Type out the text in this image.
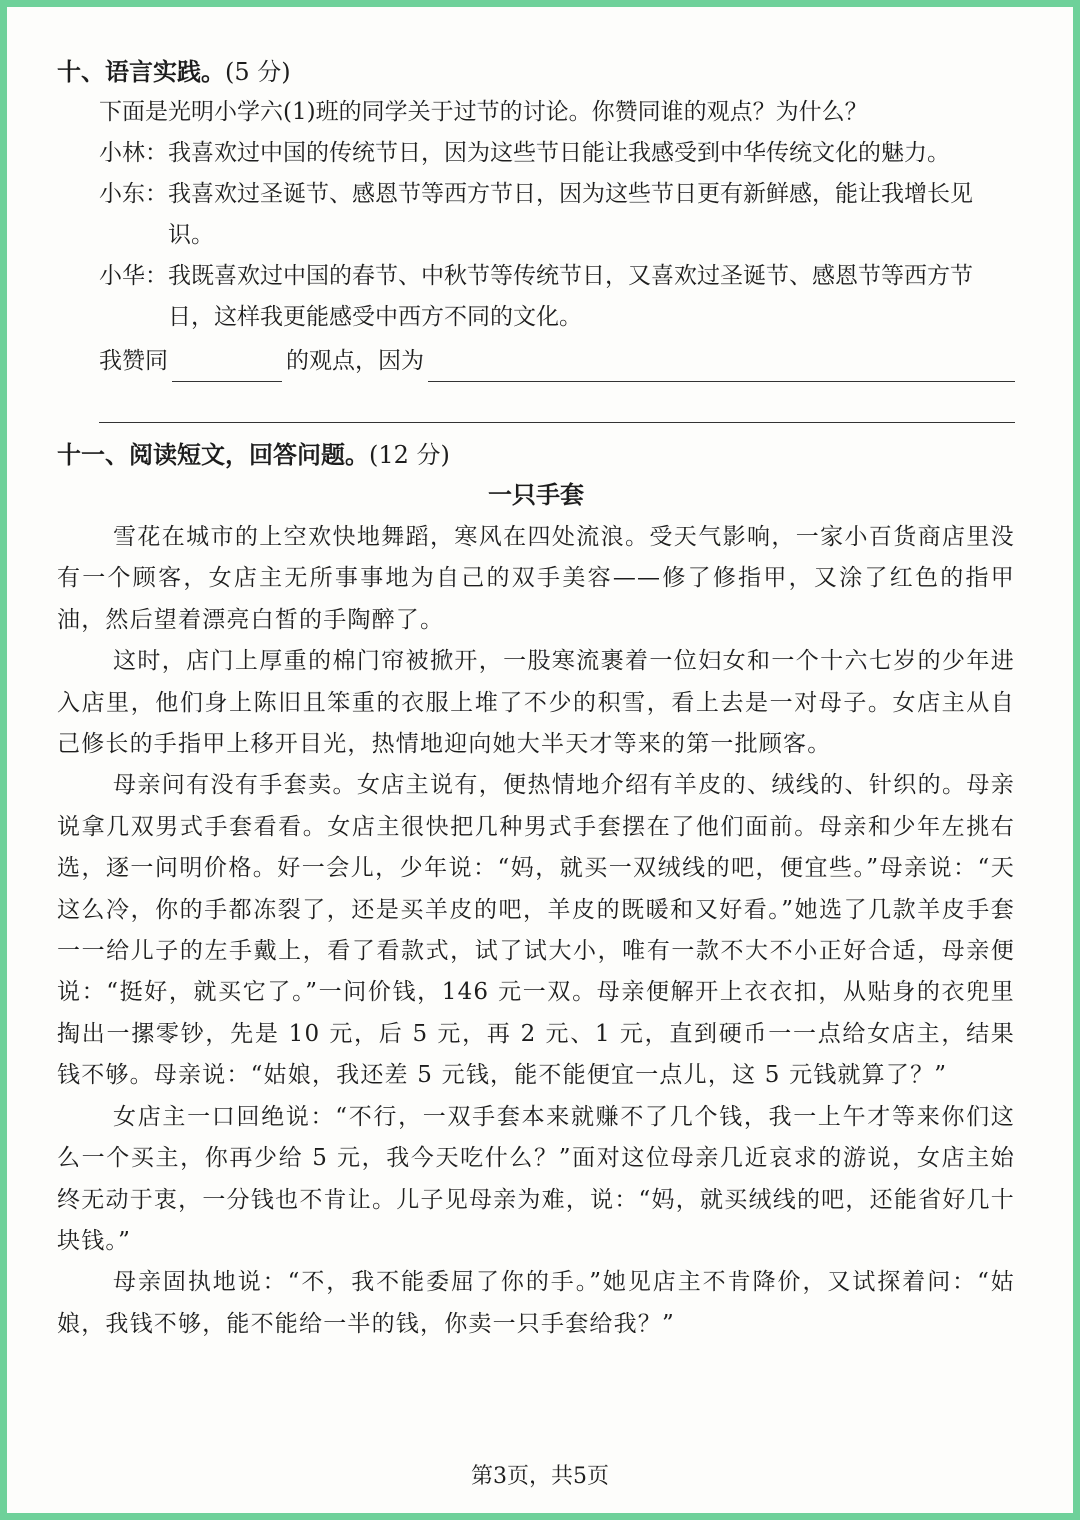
十、语言实践。(5 分)

下面是光明小学六(1)班的同学关于过节的讨论。你赞同谁的观点？为什么？

小林： 我喜欢过中国的传统节日，因为这些节日能让我感受到中华传统文化的魅力。
小东： 我喜欢过圣诞节、感恩节等西方节日，因为这些节日更有新鲜感，能让我增长见识。
小华： 我既喜欢过中国的春节、中秋节等传统节日，又喜欢过圣诞节、感恩节等西方节日，这样我更能感受中西方不同的文化。
我赞同	的观点，因为

十一、阅读短文，回答问题。(12 分)

一只手套

雪花在城市的上空欢快地舞蹈，寒风在四处流浪。受天气影响，一家小百货商店里没有一个顾客，女店主无所事事地为自己的双手美容——修了修指甲，又涂了红色的指甲油，然后望着漂亮白皙的手陶醉了。

这时，店门上厚重的棉门帘被掀开，一股寒流裹着一位妇女和一个十六七岁的少年进入店里，他们身上陈旧且笨重的衣服上堆了不少的积雪，看上去是一对母子。女店主从自己修长的手指甲上移开目光，热情地迎向她大半天才等来的第一批顾客。

母亲问有没有手套卖。女店主说有，便热情地介绍有羊皮的、绒线的、针织的。母亲说拿几双男式手套看看。女店主很快把几种男式手套摆在了他们面前。母亲和少年左挑右选，逐一问明价格。好一会儿，少年说：“妈，就买一双绒线的吧，便宜些。”母亲说：“天这么冷，你的手都冻裂了，还是买羊皮的吧，羊皮的既暖和又好看。”她选了几款羊皮手套一一给儿子的左手戴上，看了看款式，试了试大小，唯有一款不大不小正好合适，母亲便说：“挺好，就买它了。”一问价钱，146 元一双。母亲便解开上衣衣扣，从贴身的衣兜里掏出一摞零钞，先是 10 元，后 5 元，再 2 元、1 元，直到硬币一一点给女店主，结果钱不够。母亲说：“姑娘，我还差 5 元钱，能不能便宜一点儿，这 5 元钱就算了？”

女店主一口回绝说：“不行，一双手套本来就赚不了几个钱，我一上午才等来你们这么一个买主，你再少给 5 元，我今天吃什么？”面对这位母亲几近哀求的游说，女店主始终无动于衷，一分钱也不肯让。儿子见母亲为难，说：“妈，就买绒线的吧，还能省好几十块钱。”

母亲固执地说：“不，我不能委屈了你的手。”她见店主不肯降价，又试探着问：“姑娘，我钱不够，能不能给一半的钱，你卖一只手套给我？”

第3页，共5页
